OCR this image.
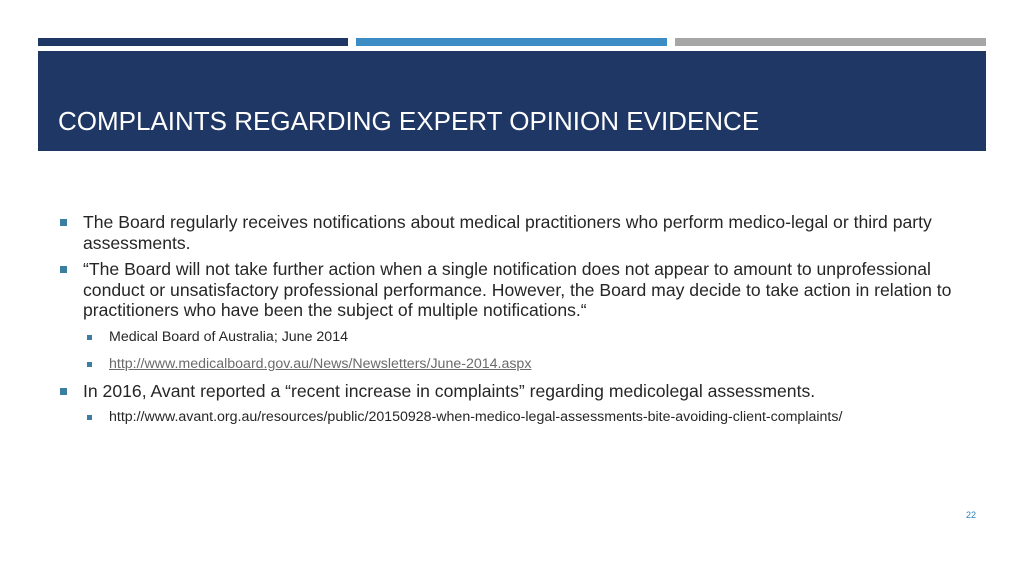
COMPLAINTS REGARDING EXPERT OPINION EVIDENCE
The Board regularly receives notifications about medical practitioners who perform medico-legal or third party assessments.
“The Board will not take further action when a single notification does not appear to amount to unprofessional conduct or unsatisfactory professional performance. However, the Board may decide to take action in relation to practitioners who have been the subject of multiple notifications.“
Medical Board of Australia; June 2014
http://www.medicalboard.gov.au/News/Newsletters/June-2014.aspx
In 2016, Avant reported a “recent increase in complaints” regarding medicolegal assessments.
http://www.avant.org.au/resources/public/20150928-when-medico-legal-assessments-bite-avoiding-client-complaints/
22
